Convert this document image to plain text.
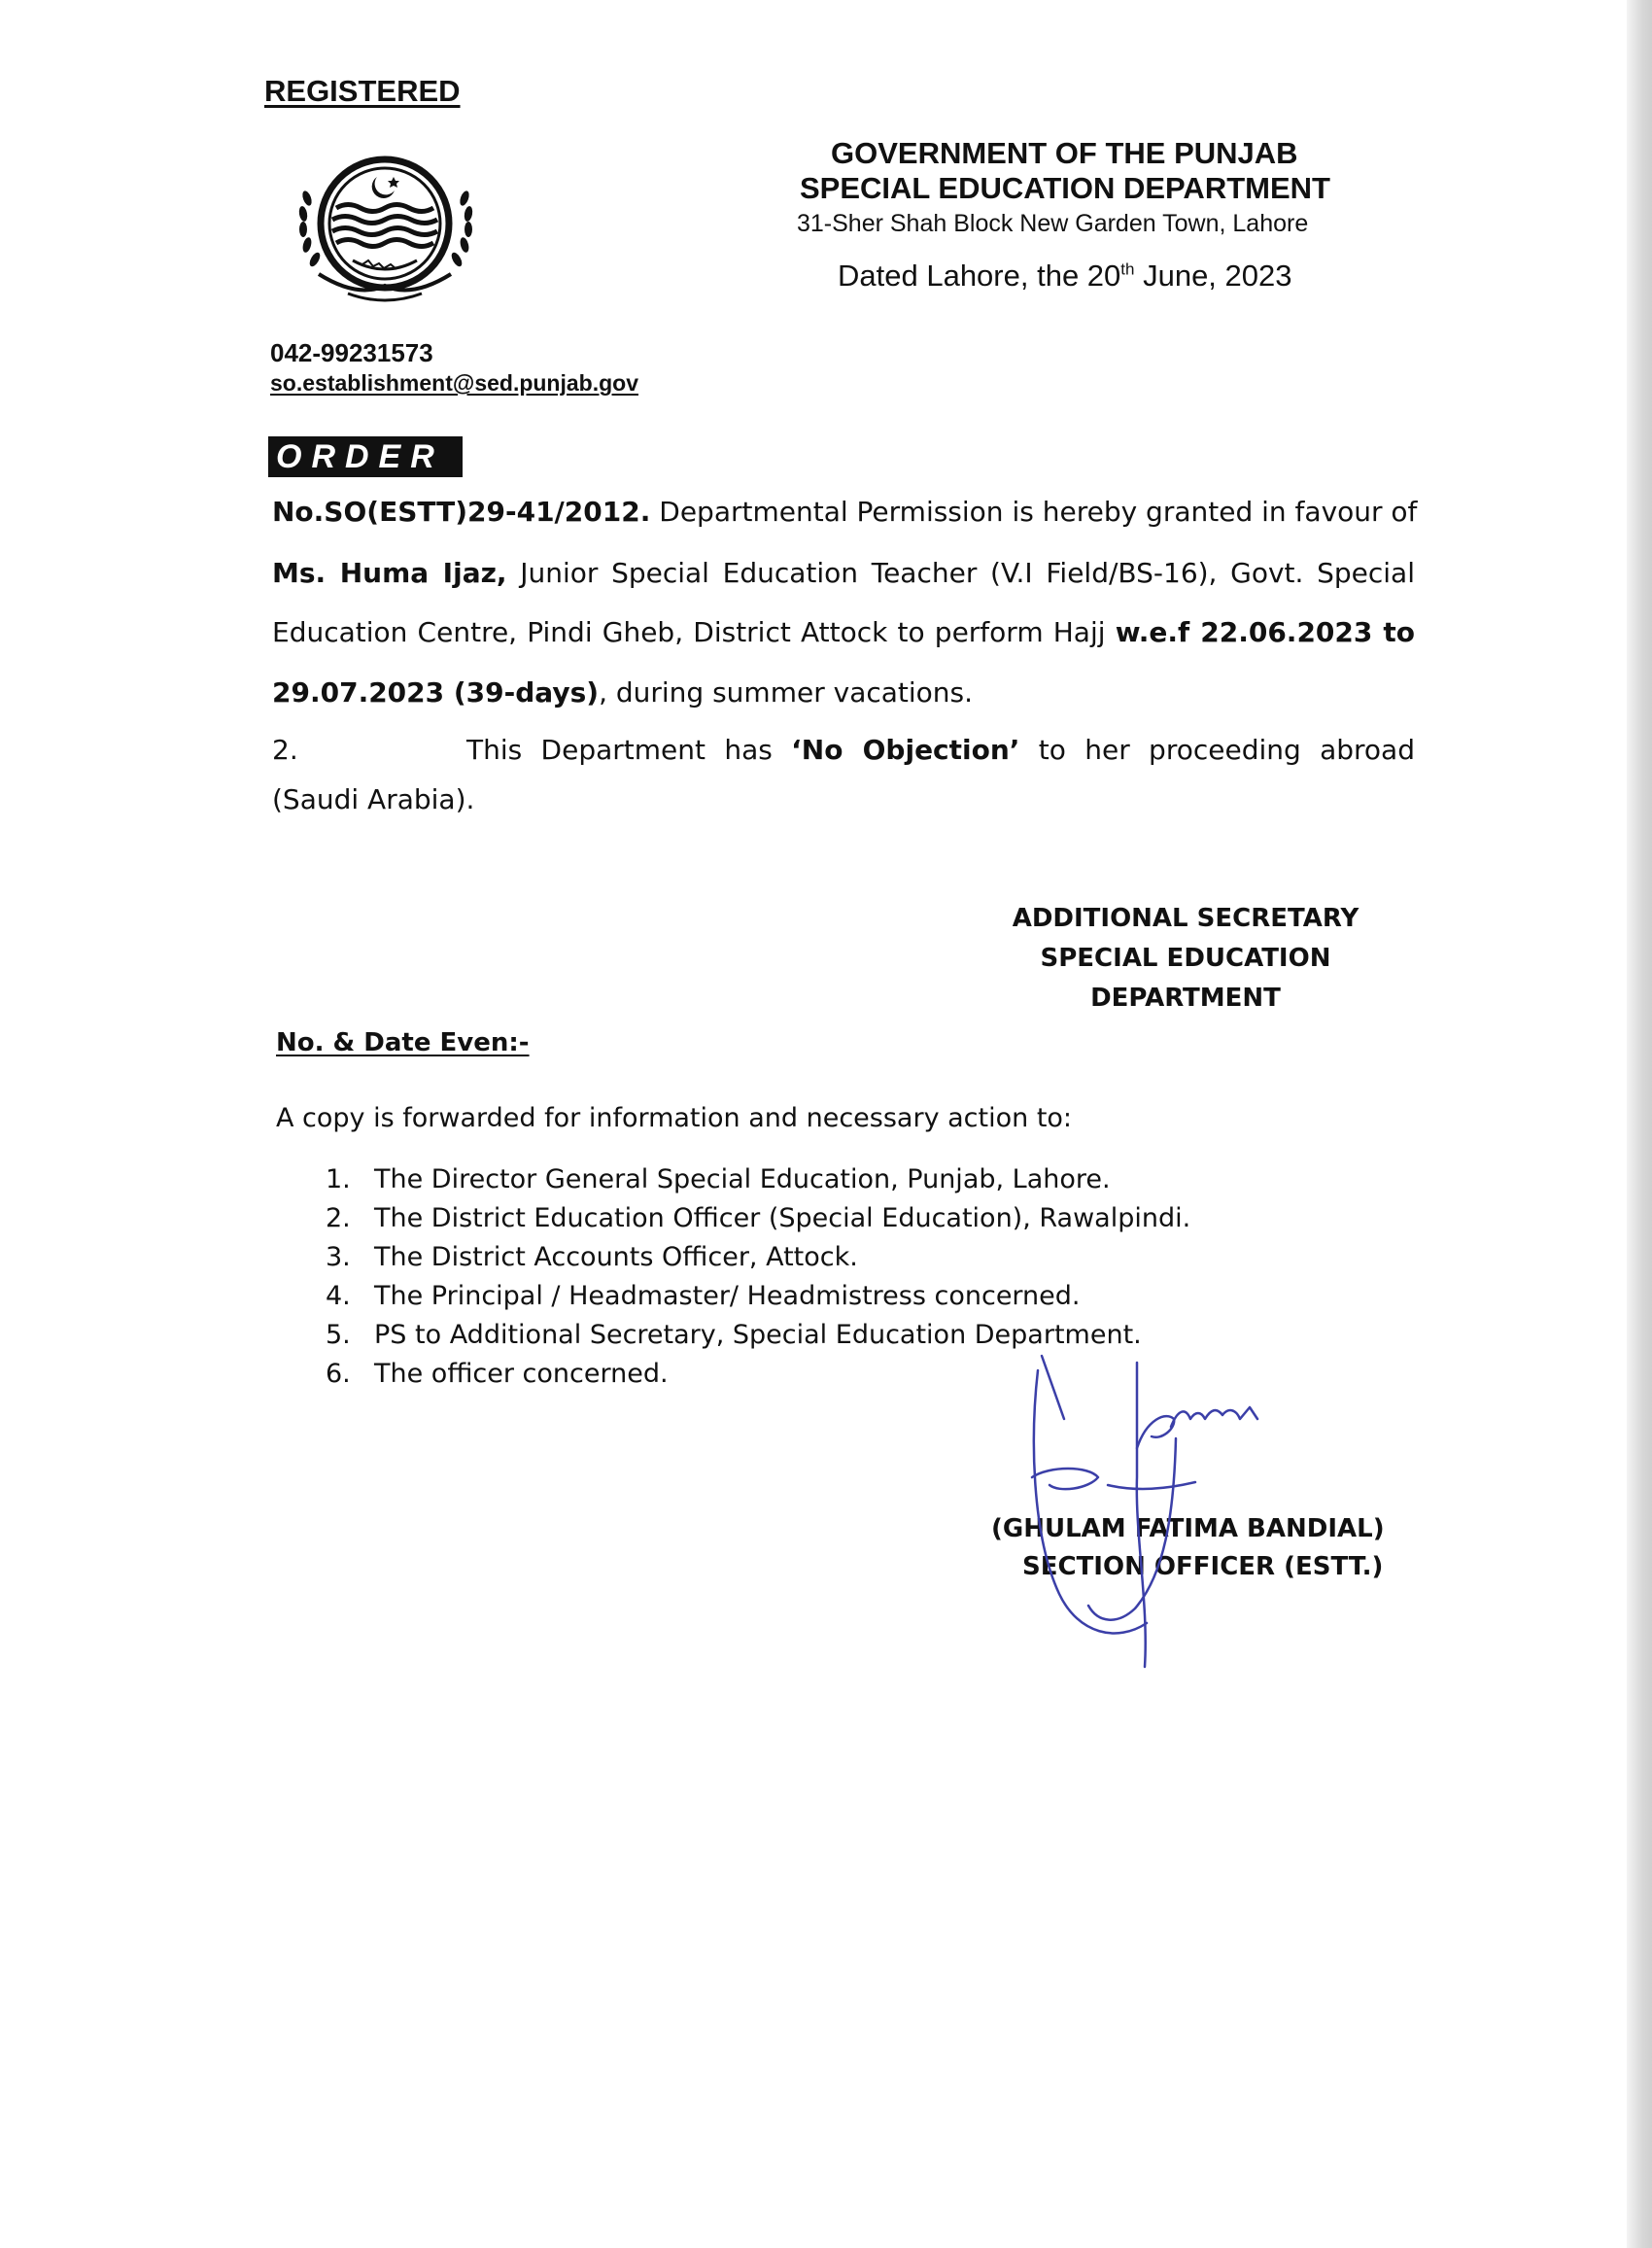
REGISTERED
GOVERNMENT OF THE PUNJAB
SPECIAL EDUCATION DEPARTMENT
31-Sher Shah Block New Garden Town, Lahore
Dated Lahore, the 20th June, 2023
042-99231573
so.establishment@sed.punjab.gov
ORDER
No.SO(ESTT)29-41/2012. Departmental Permission is hereby granted in favour of
Ms. Huma Ijaz, Junior Special Education Teacher (V.I Field/BS-16), Govt. Special
Education Centre, Pindi Gheb, District Attock to perform Hajj w.e.f 22.06.2023 to
29.07.2023 (39-days), during summer vacations.
2.	This Department has ‘No Objection’ to her proceeding abroad
(Saudi Arabia).
ADDITIONAL SECRETARY
SPECIAL EDUCATION
DEPARTMENT
No. & Date Even:-
A copy is forwarded for information and necessary action to:
1. The Director General Special Education, Punjab, Lahore.
2. The District Education Officer (Special Education), Rawalpindi.
3. The District Accounts Officer, Attock.
4. The Principal / Headmaster/ Headmistress concerned.
5. PS to Additional Secretary, Special Education Department.
6. The officer concerned.
(GHULAM FATIMA BANDIAL)
SECTION OFFICER (ESTT.)
